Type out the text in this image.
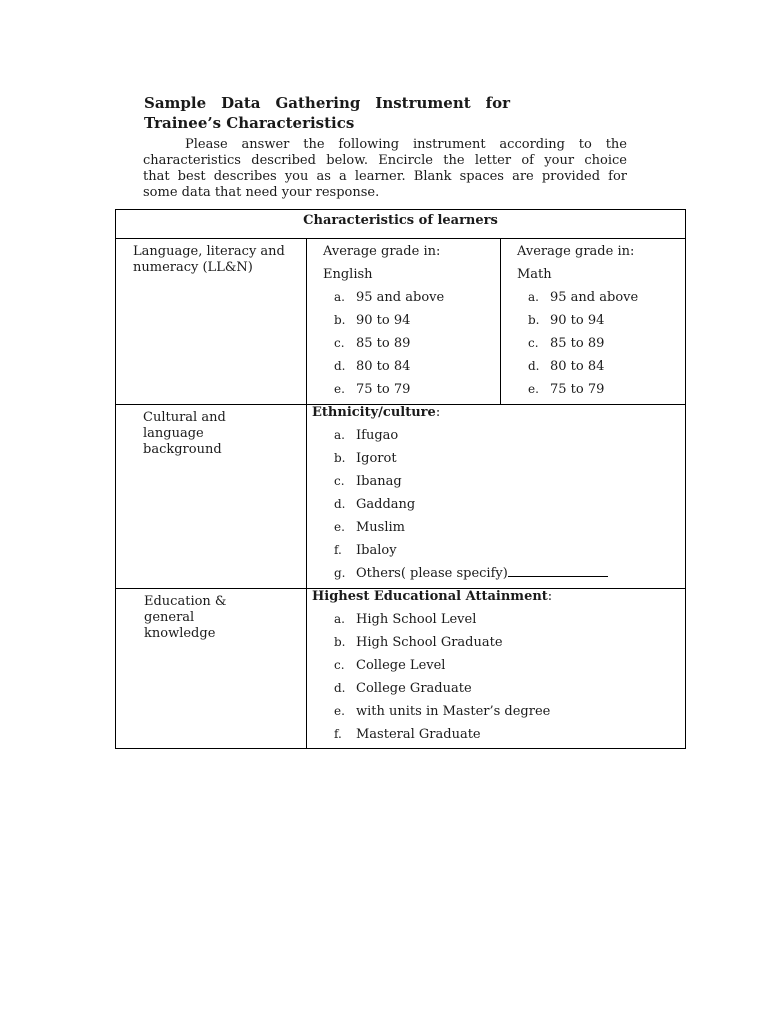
Sample Data Gathering Instrument for
Trainee’s Characteristics
Please answer the following instrument according to the
characteristics described below. Encircle the letter of your choice
that best describes you as a learner. Blank spaces are provided for
some data that need your response.
Characteristics of learners
Language, literacy and
numeracy (LL&N)
Average grade in:
English
a. 95 and above
b. 90 to 94
c. 85 to 89
d. 80 to 84
e. 75 to 79
Average grade in:
Math
a. 95 and above
b. 90 to 94
c. 85 to 89
d. 80 to 84
e. 75 to 79
Cultural and
language
background
Ethnicity/culture:
a. Ifugao
b. Igorot
c. Ibanag
d. Gaddang
e. Muslim
f.	Ibaloy
g. Others( please specify)
Education &
general
knowledge
Highest Educational Attainment:
a. High School Level
b. High School Graduate
c. College Level
d. College Graduate
e. with units in Master’s degree
f.	Masteral Graduate
